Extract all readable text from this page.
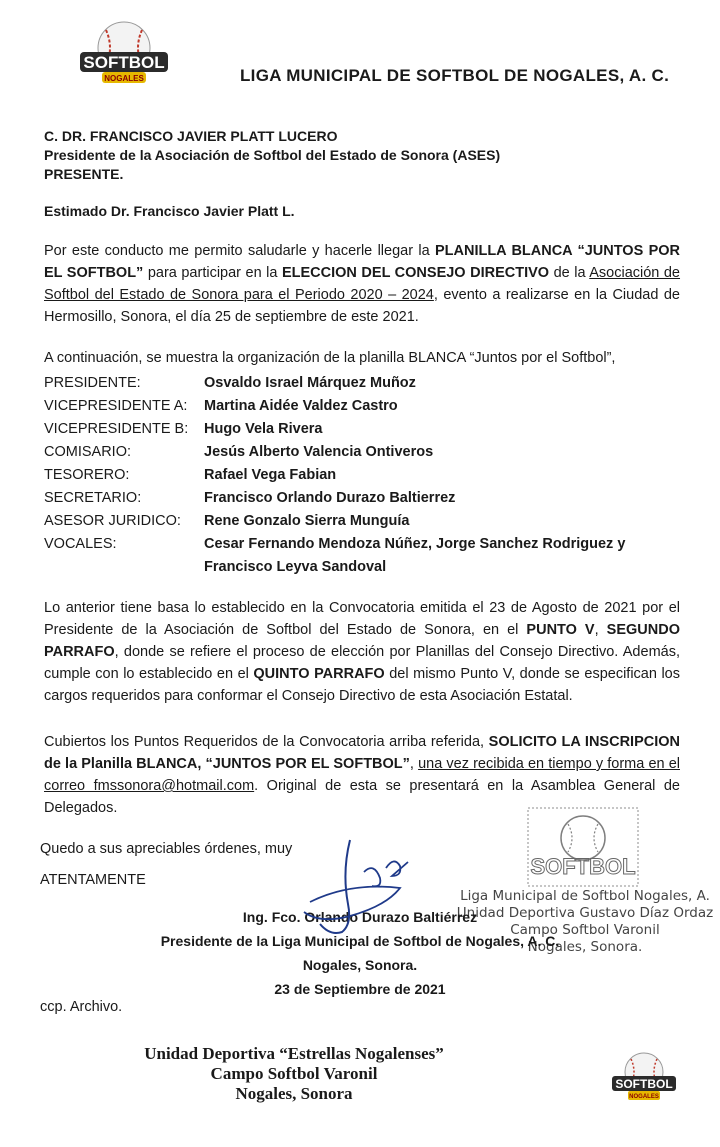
SOFTBOL
NOGALES	LIGA MUNICIPAL DE SOFTBOL DE NOGALES, A. C.
C. DR. FRANCISCO JAVIER PLATT LUCERO
Presidente de la Asociación de Softbol del Estado de Sonora (ASES)
PRESENTE.
Estimado Dr. Francisco Javier Platt L.
Por este conducto me permito saludarle y hacerle llegar la PLANILLA BLANCA “JUNTOS POR EL SOFTBOL” para participar en la ELECCION DEL CONSEJO DIRECTIVO de la Asociación de Softbol del Estado de Sonora para el Periodo 2020 – 2024, evento a realizarse en la Ciudad de Hermosillo, Sonora, el día 25 de septiembre de este 2021.
A continuación, se muestra la organización de la planilla BLANCA “Juntos por el Softbol”,
PRESIDENTE:	Osvaldo Israel Márquez Muñoz
VICEPRESIDENTE A:	Martina Aidée Valdez Castro
VICEPRESIDENTE B:	Hugo Vela Rivera
COMISARIO:	Jesús Alberto Valencia Ontiveros
TESORERO:	Rafael Vega Fabian
SECRETARIO:	Francisco Orlando Durazo Baltierrez
ASESOR JURIDICO:	Rene Gonzalo Sierra Munguía
VOCALES:	Cesar Fernando Mendoza Núñez, Jorge Sanchez Rodriguez y Francisco Leyva Sandoval
Lo anterior tiene basa lo establecido en la Convocatoria emitida el 23 de Agosto de 2021 por el Presidente de la Asociación de Softbol del Estado de Sonora, en el PUNTO V, SEGUNDO PARRAFO, donde se refiere el proceso de elección por Planillas del Consejo Directivo. Además, cumple con lo establecido en el QUINTO PARRAFO del mismo Punto V, donde se especifican los cargos requeridos para conformar el Consejo Directivo de esta Asociación Estatal.
Cubiertos los Puntos Requeridos de la Convocatoria arriba referida, SOLICITO LA INSCRIPCION de la Planilla BLANCA, “JUNTOS POR EL SOFTBOL”, una vez recibida en tiempo y forma en el correo fmssonora@hotmail.com. Original de esta se presentará en la Asamblea General de Delegados.
Quedo a sus apreciables órdenes, muy
ATENTAMENTE
SOFTBOL
Liga Municipal de Softbol Nogales, A.
Unidad Deportiva Gustavo Díaz Ordaz
Campo Softbol Varonil
Nogales, Sonora.
Ing. Fco. Orlando Durazo Baltiérrez
Presidente de la Liga Municipal de Softbol de Nogales, A. C.
Nogales, Sonora.
23 de Septiembre de 2021
ccp. Archivo.
Unidad Deportiva “Estrellas Nogalenses”
Campo Softbol Varonil
Nogales, Sonora	SOFTBOL
NOGALES
